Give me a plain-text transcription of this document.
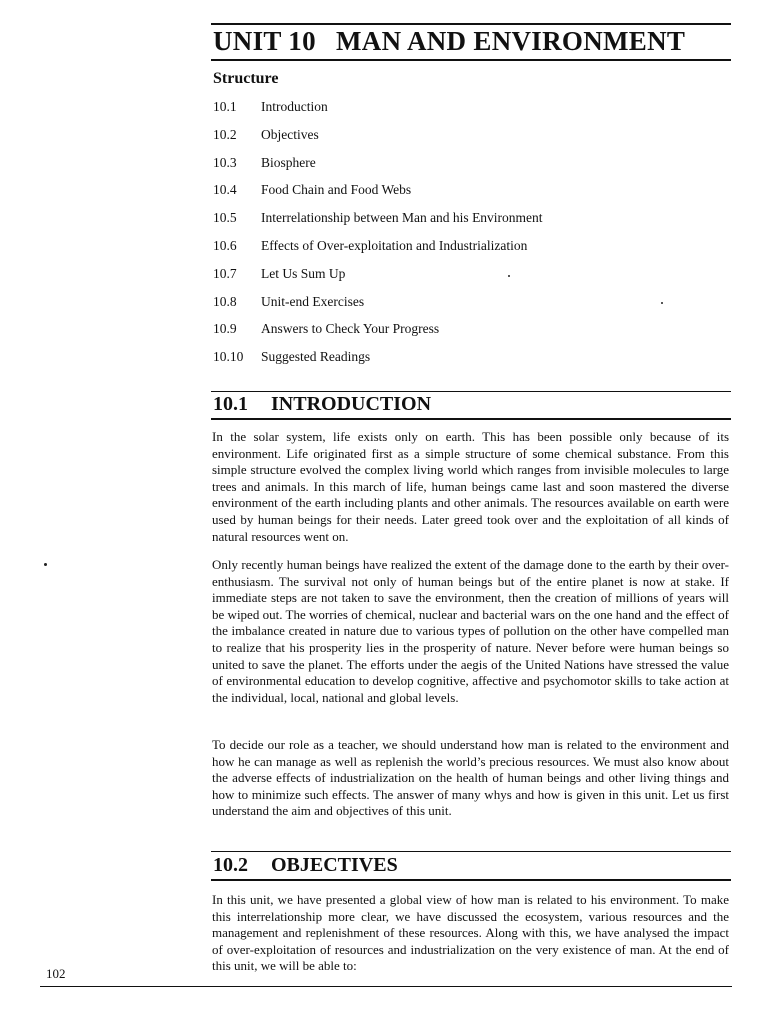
UNIT 10 MAN AND ENVIRONMENT
Structure
10.1 Introduction
10.2 Objectives
10.3 Biosphere
10.4 Food Chain and Food Webs
10.5 Interrelationship between Man and his Environment
10.6 Effects of Over-exploitation and Industrialization
10.7 Let Us Sum Up
10.8 Unit-end Exercises
10.9 Answers to Check Your Progress
10.10 Suggested Readings
10.1 INTRODUCTION

In the solar system, life exists only on earth. This has been possible only because of its environment. Life originated first as a simple structure of some chemical substance. From this simple structure evolved the complex living world which ranges from invisible molecules to large trees and animals. In this march of life, human beings came last and soon mastered the diverse environment of the earth including plants and other animals. The resources available on earth were used by human beings for their needs. Later greed took over and the exploitation of all kinds of natural resources went on.

Only recently human beings have realized the extent of the damage done to the earth by their over-enthusiasm. The survival not only of human beings but of the entire planet is now at stake. If immediate steps are not taken to save the environment, then the creation of millions of years will be wiped out. The worries of chemical, nuclear and bacterial wars on the one hand and the effect of the imbalance created in nature due to various types of pollution on the other have compelled man to realize that his prosperity lies in the prosperity of nature. Never before were human beings so united to save the planet. The efforts under the aegis of the United Nations have stressed the value of environmental education to develop cognitive, affective and psychomotor skills to take action at the individual, local, national and global levels.

To decide our role as a teacher, we should understand how man is related to the environment and how he can manage as well as replenish the world’s precious resources. We must also know about the adverse effects of industrialization on the health of human beings and other living things and how to minimize such effects. The answer of many whys and how is given in this unit. Let us first understand the aim and objectives of this unit.

10.2 OBJECTIVES

In this unit, we have presented a global view of how man is related to his environment. To make this interrelationship more clear, we have discussed the ecosystem, various resources and the management and replenishment of these resources. Along with this, we have analysed the impact of over-exploitation of resources and industrialization on the very existence of man. At the end of this unit, we will be able to:

102
